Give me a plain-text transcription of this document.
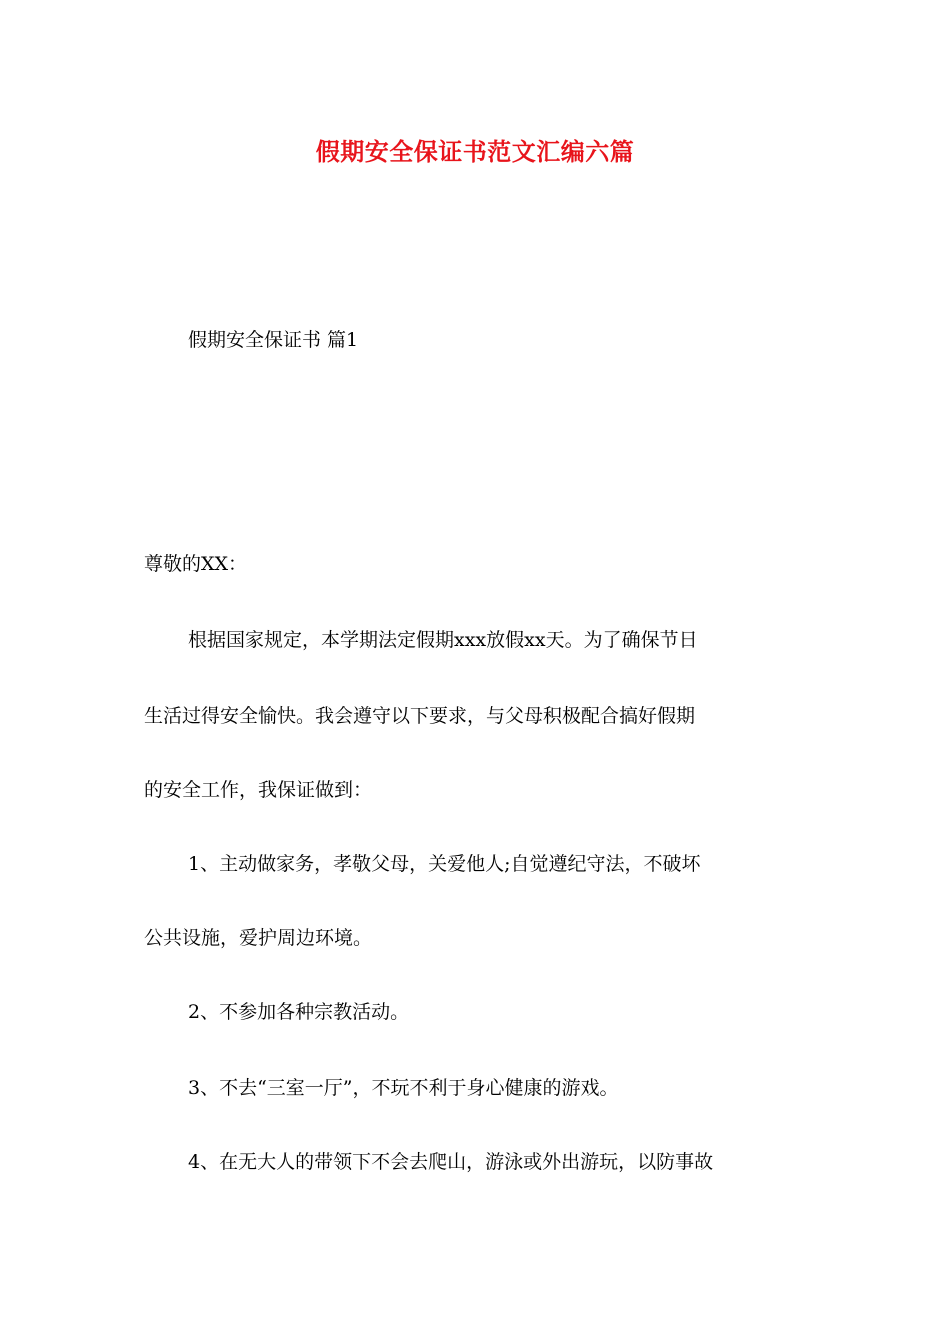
假期安全保证书范文汇编六篇
假期安全保证书 篇1
尊敬的XX：
根据国家规定，本学期法定假期xxx放假xx天。为了确保节日
生活过得安全愉快。我会遵守以下要求，与父母积极配合搞好假期
的安全工作，我保证做到：
1、主动做家务，孝敬父母，关爱他人;自觉遵纪守法，不破坏
公共设施，爱护周边环境。
2、不参加各种宗教活动。
3、不去“三室一厅”，不玩不利于身心健康的游戏。
4、在无大人的带领下不会去爬山，游泳或外出游玩，以防事故
